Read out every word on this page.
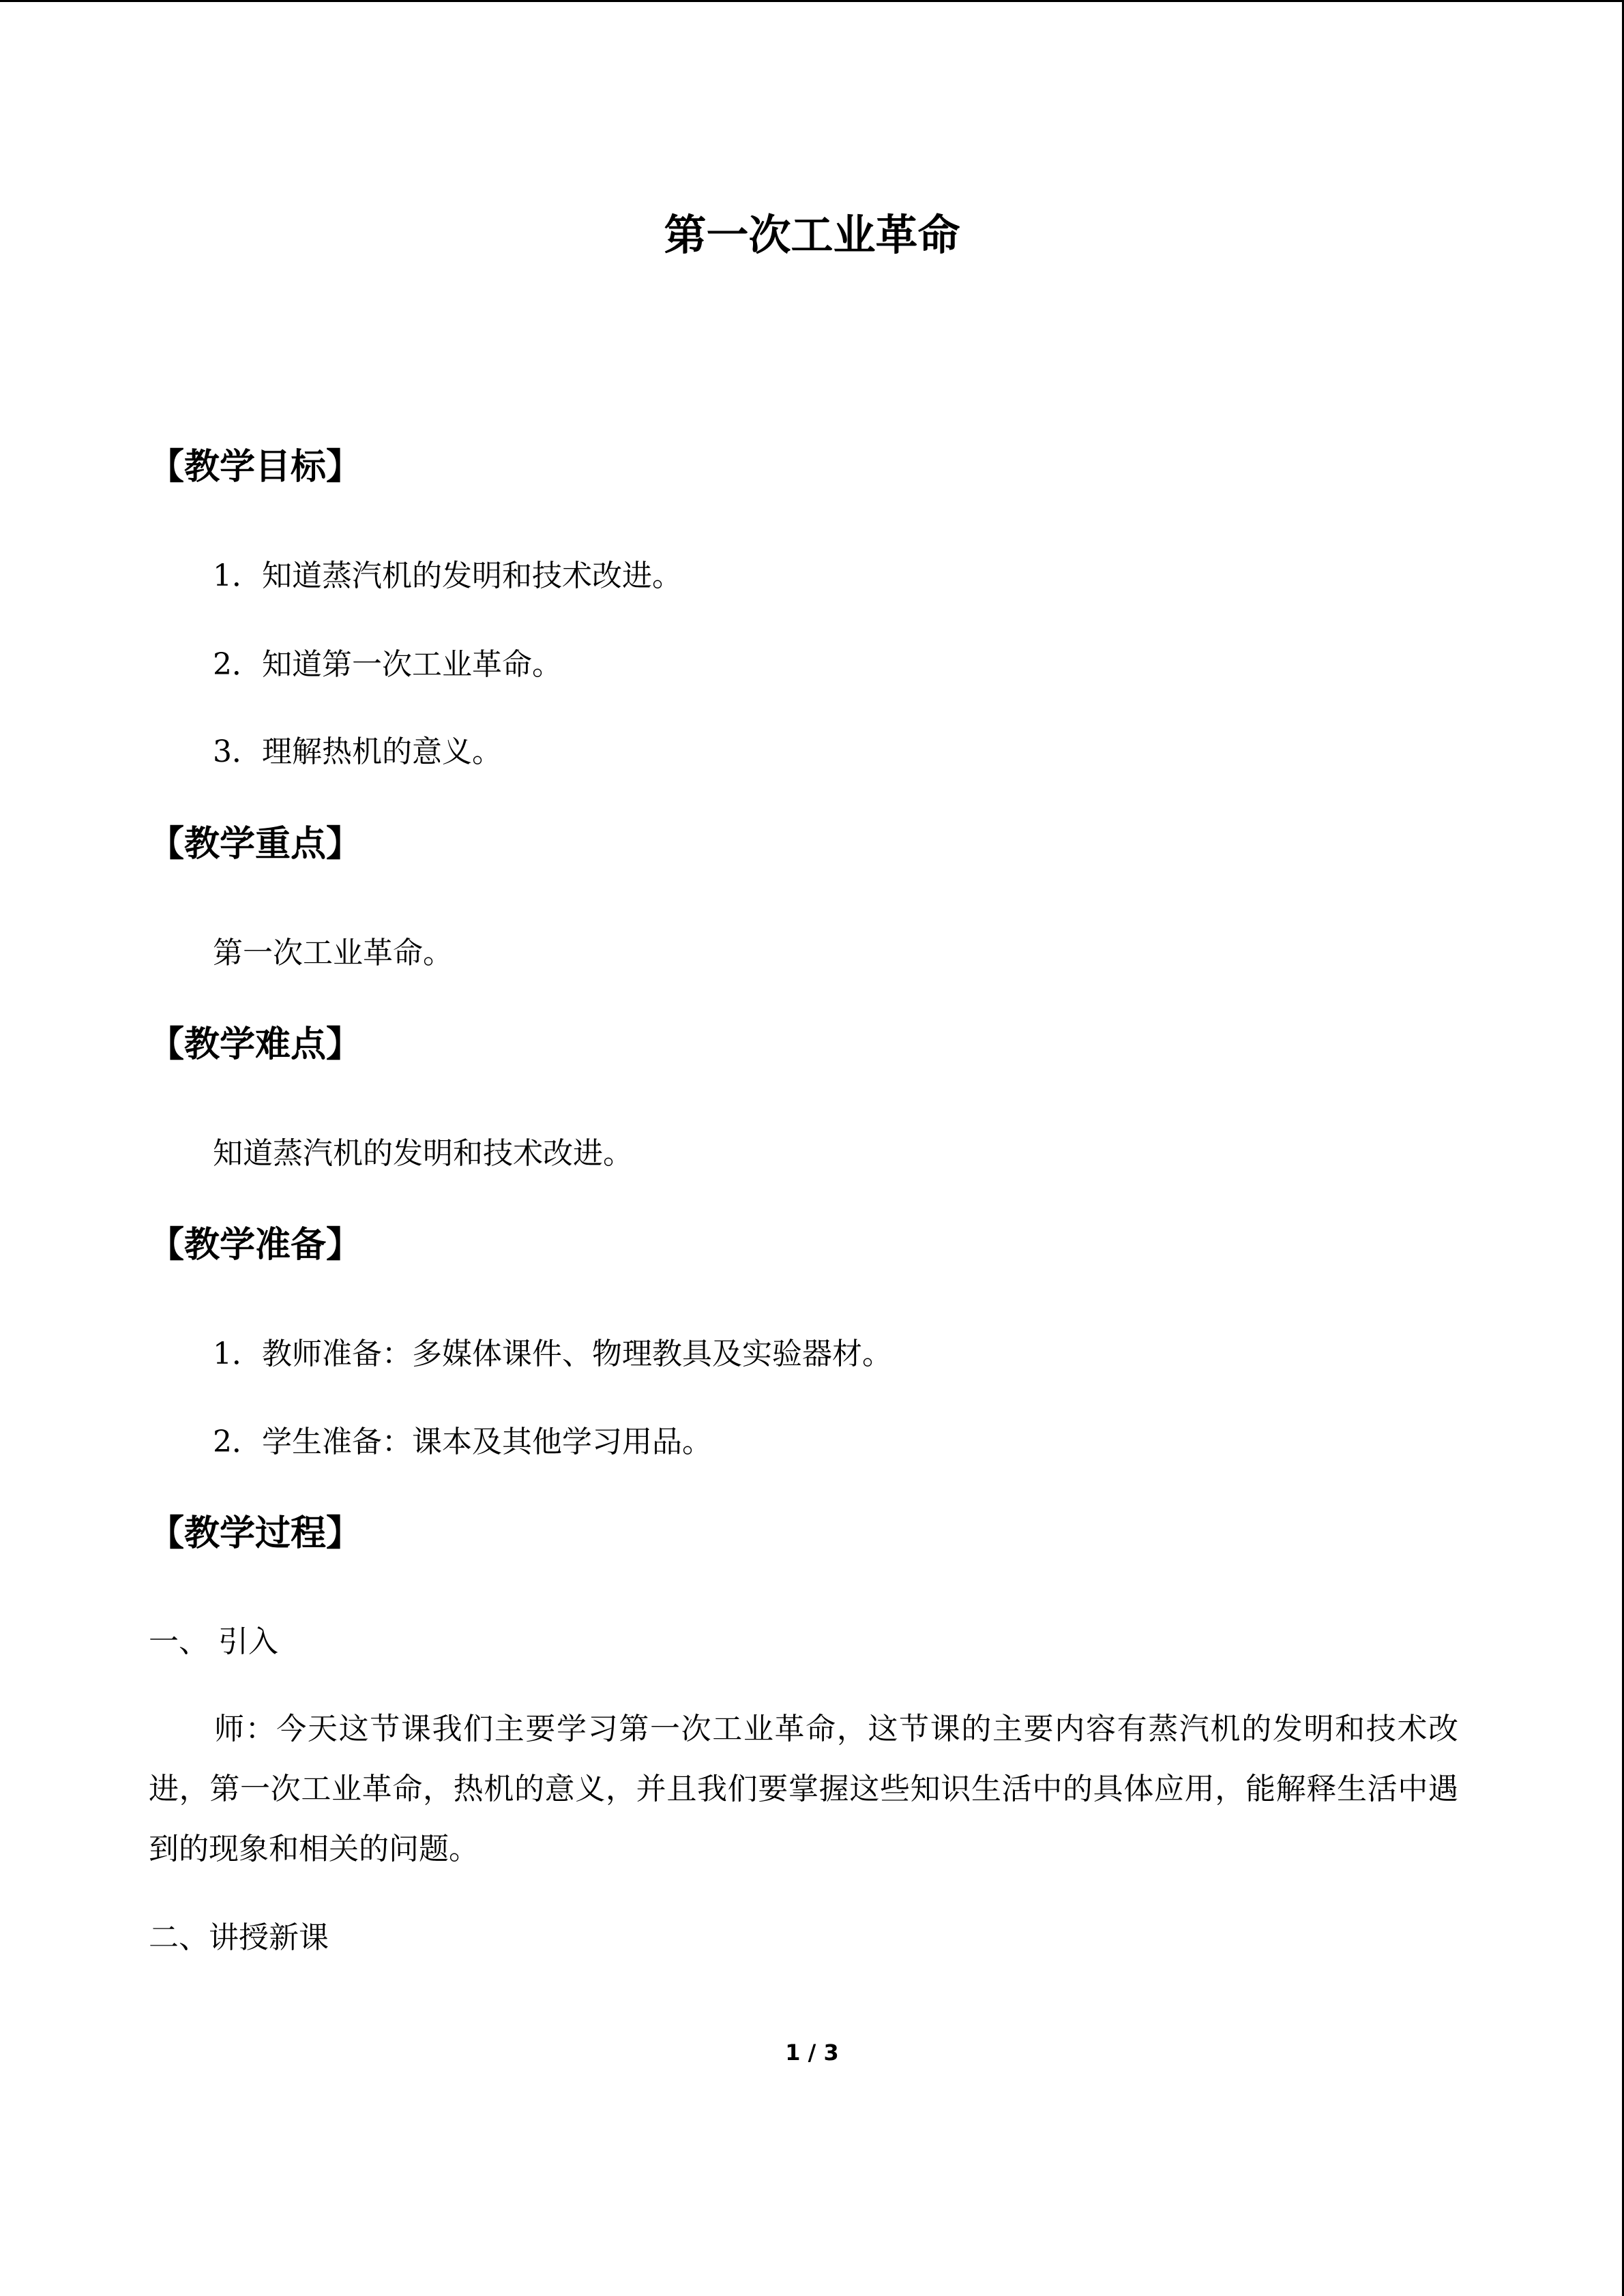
第一次工业革命
【教学目标】
1．知道蒸汽机的发明和技术改进。
2．知道第一次工业革命。
3．理解热机的意义。
【教学重点】
第一次工业革命。
【教学难点】
知道蒸汽机的发明和技术改进。
【教学准备】
1．教师准备：多媒体课件、物理教具及实验器材。
2．学生准备：课本及其他学习用品。
【教学过程】
一、 引入
师：今天这节课我们主要学习第一次工业革命，这节课的主要内容有蒸汽机的发明和技术改进，第一次工业革命，热机的意义，并且我们要掌握这些知识生活中的具体应用，能解释生活中遇到的现象和相关的问题。
二、讲授新课
1 / 3
